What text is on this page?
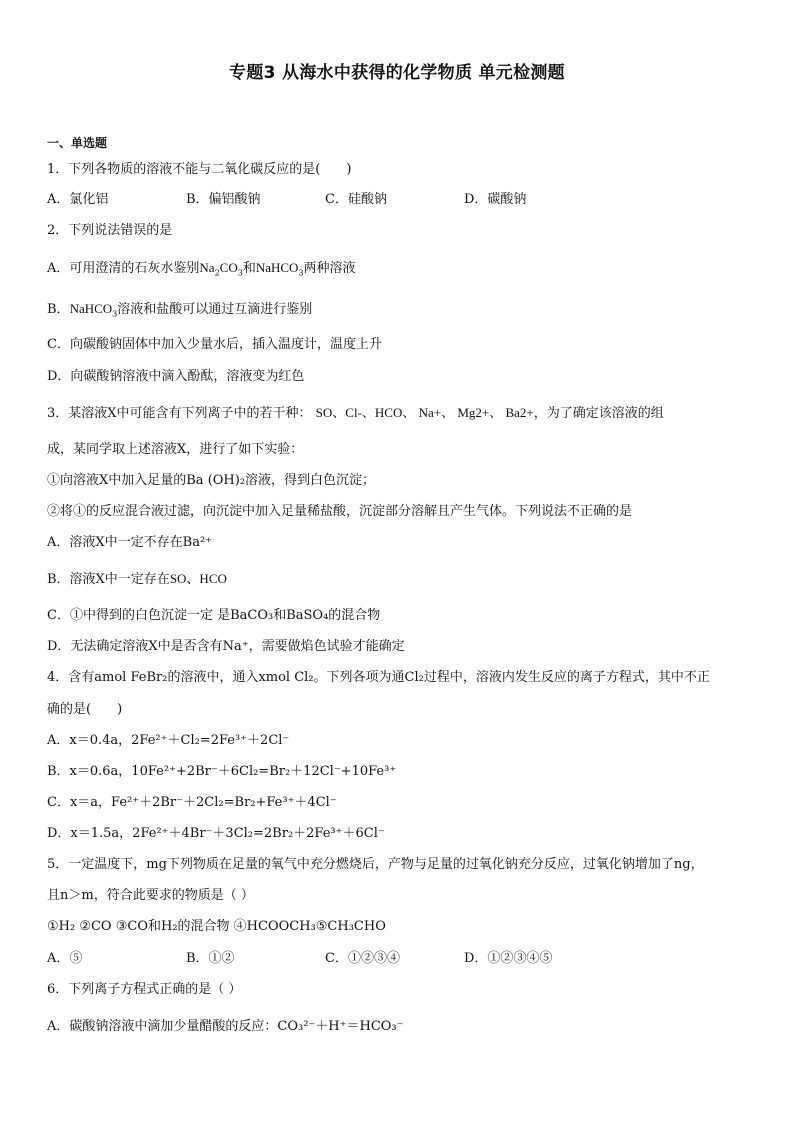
专题3 从海水中获得的化学物质 单元检测题
一、单选题
1．下列各物质的溶液不能与二氧化碳反应的是(　　)
A．氯化铝	B．偏铝酸钠	C．硅酸钠	D．碳酸钠
2．下列说法错误的是
A．可用澄清的石灰水鉴别$Na_2CO_3$和NaHCO$_3$两种溶液
B．NaHCO$_3$溶液和盐酸可以通过互滴进行鉴别
C．向碳酸钠固体中加入少量水后，插入温度计，温度上升
D．向碳酸钠溶液中滴入酚酞，溶液变为红色
3．某溶液X中可能含有下列离子中的若干种： SO、Cl-、HCO、 Na+、 Mg2+、 Ba2+，为了确定该溶液的组
成，某同学取上述溶液X，进行了如下实验：
①向溶液X中加入足量的Ba (OH)₂溶液，得到白色沉淀；
②将①的反应混合液过滤，向沉淀中加入足量稀盐酸，沉淀部分溶解且产生气体。下列说法不正确的是
A．溶液X中一定不存在Ba²⁺
B．溶液X中一定存在SO、HCO
C．①中得到的白色沉淀一定 是BaCO₃和BaSO₄的混合物
D．无法确定溶液X中是否含有Na⁺，需要做焰色试验才能确定
4．含有amol FeBr₂的溶液中，通入xmol Cl₂。下列各项为通Cl₂过程中，溶液内发生反应的离子方程式，其中不正
确的是(　　)
A．x＝0.4a，2Fe²⁺＋Cl₂=2Fe³⁺＋2Cl⁻
B．x＝0.6a，10Fe²⁺+2Br⁻＋6Cl₂=Br₂＋12Cl⁻+10Fe³⁺
C．x＝a，Fe²⁺＋2Br⁻＋2Cl₂=Br₂+Fe³⁺＋4Cl⁻
D．x＝1.5a，2Fe²⁺＋4Br⁻＋3Cl₂=2Br₂＋2Fe³⁺＋6Cl⁻
5．一定温度下，mg下列物质在足量的氧气中充分燃烧后，产物与足量的过氧化钠充分反应，过氧化钠增加了ng，
且n＞m，符合此要求的物质是（ ）
①H₂ ②CO ③CO和H₂的混合物 ④HCOOCH₃⑤CH₃CHO
A．⑤	B．①②	C．①②③④	D．①②③④⑤
6．下列离子方程式正确的是（ ）
A．碳酸钠溶液中滴加少量醋酸的反应：CO₃²⁻＋H⁺＝HCO₃⁻
